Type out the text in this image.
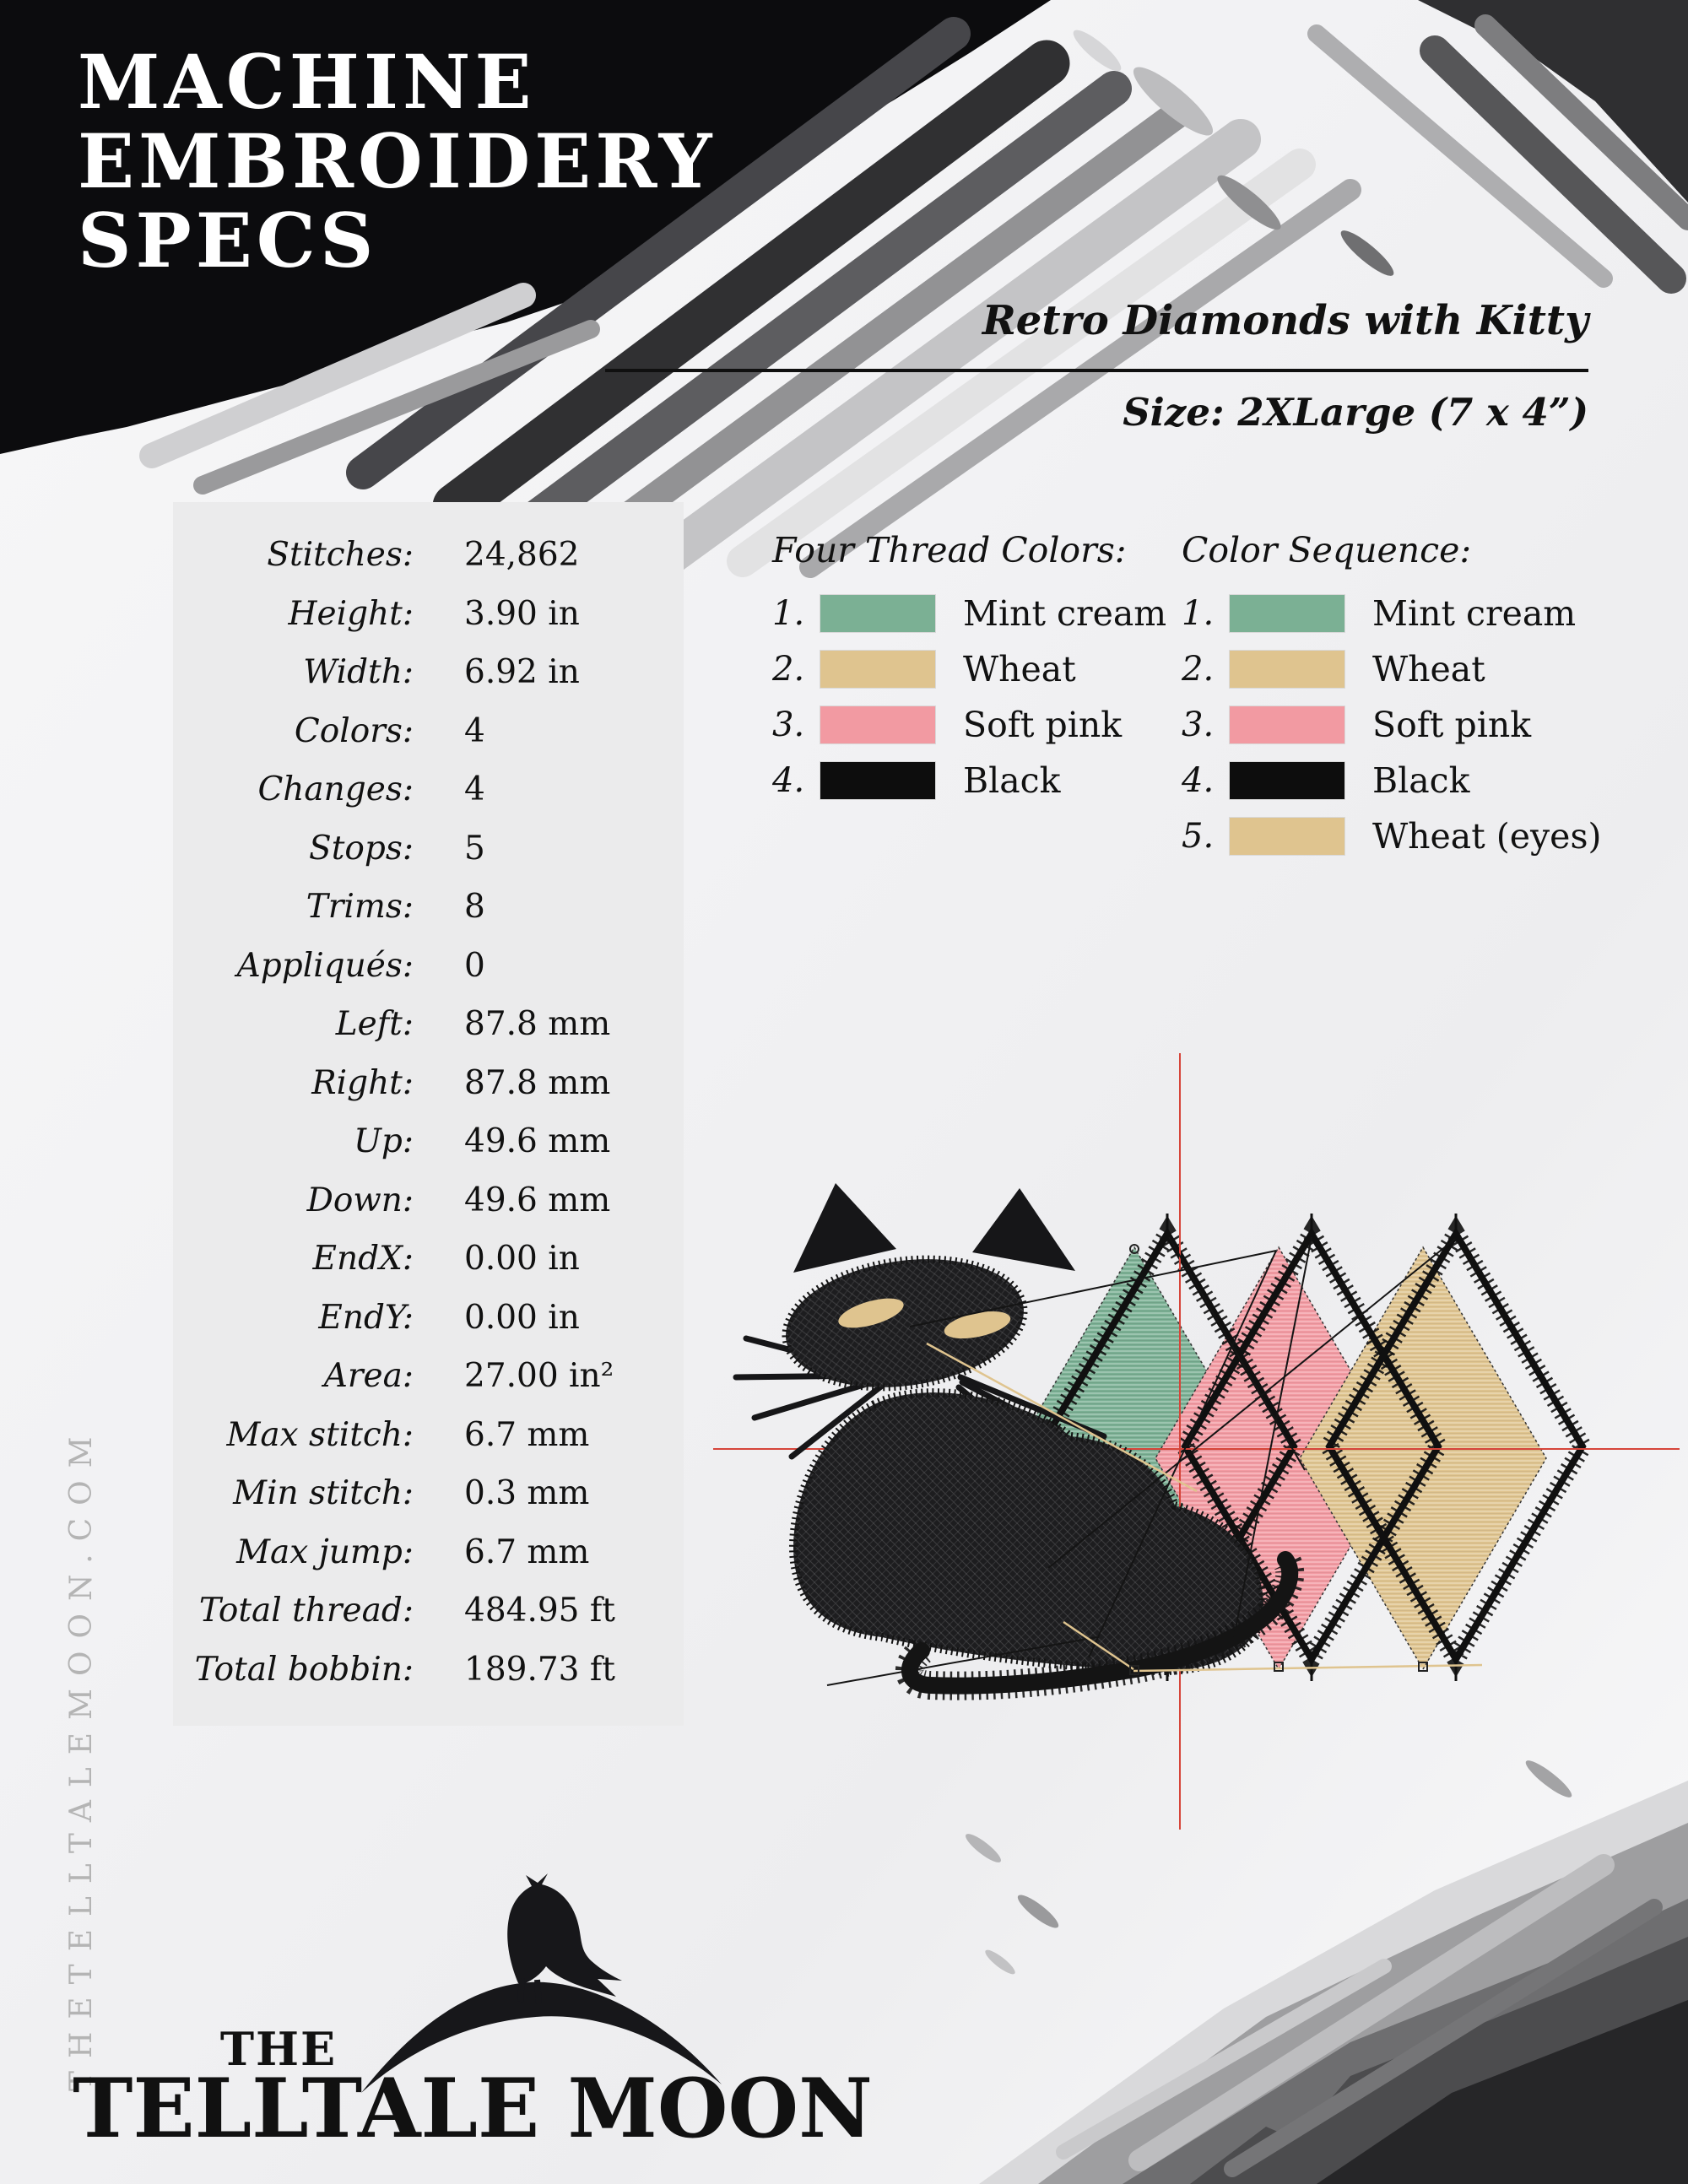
MACHINE
EMBROIDERY
SPECS
Retro Diamonds with Kitty
Size: 2XLarge (7 x 4”)
Stitches: 24,862
Height: 3.90 in
Width: 6.92 in
Colors: 4
Changes: 4
Stops: 5
Trims: 8
Appliqués: 0
Left: 87.8 mm
Right: 87.8 mm
Up: 49.6 mm
Down: 49.6 mm
EndX: 0.00 in
EndY: 0.00 in
Area: 27.00 in²
Max stitch: 6.7 mm
Min stitch: 0.3 mm
Max jump: 6.7 mm
Total thread: 484.95 ft
Total bobbin: 189.73 ft
Four Thread Colors:
1.	Mint cream
2.	Wheat
3.	Soft pink
4.	Black
Color Sequence:
1.	Mint cream
2.	Wheat
3.	Soft pink
4.	Black
5.	Wheat (eyes)
THETELLTALEMOON.COM	THE
TELLTALE MOON
